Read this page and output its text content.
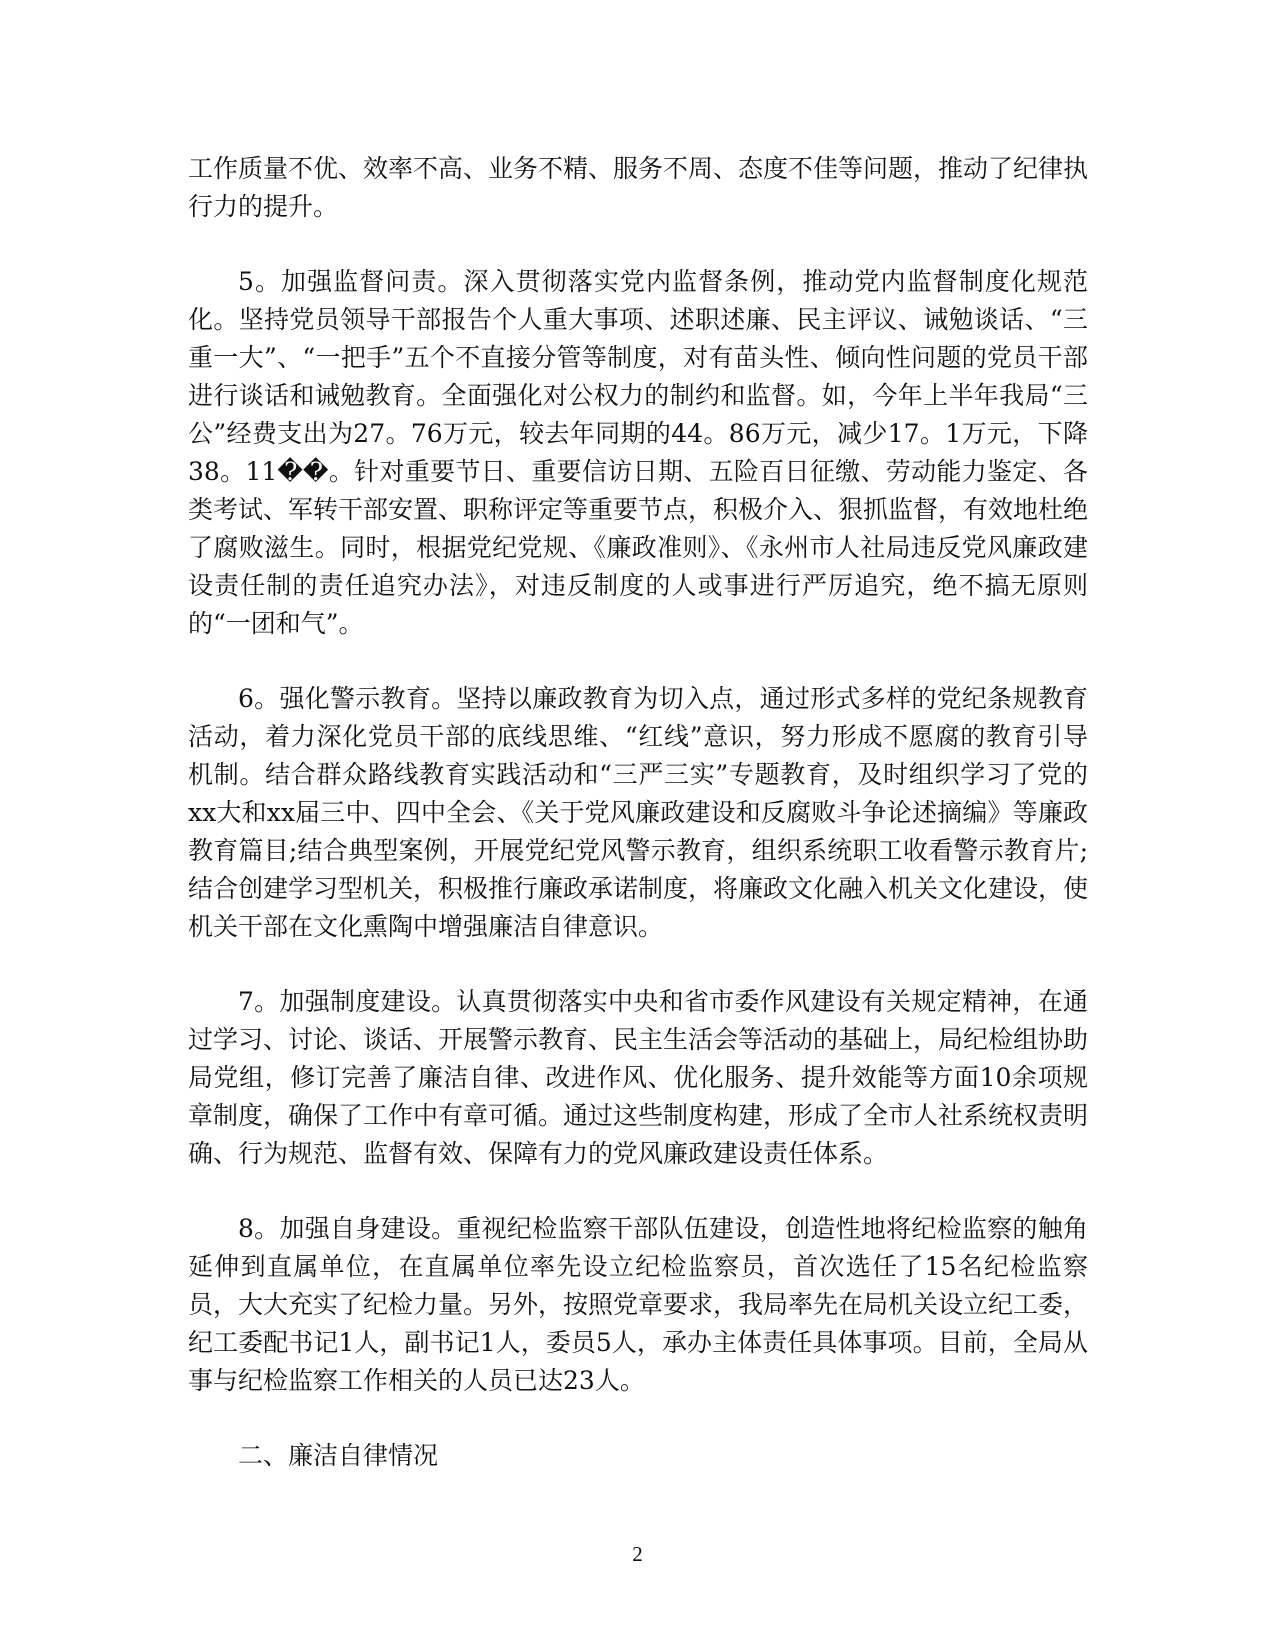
工作质量不优、效率不高、业务不精、服务不周、态度不佳等问题，推动了纪律执行力的提升。

5。加强监督问责。深入贯彻落实党内监督条例，推动党内监督制度化规范化。坚持党员领导干部报告个人重大事项、述职述廉、民主评议、诫勉谈话、“三重一大”、“一把手”五个不直接分管等制度，对有苗头性、倾向性问题的党员干部进行谈话和诫勉教育。全面强化对公权力的制约和监督。如，今年上半年我局“三公”经费支出为27。76万元，较去年同期的44。86万元，减少17。1万元，下降38。11��。针对重要节日、重要信访日期、五险百日征缴、劳动能力鉴定、各类考试、军转干部安置、职称评定等重要节点，积极介入、狠抓监督，有效地杜绝了腐败滋生。同时，根据党纪党规、《廉政准则》、《永州市人社局违反党风廉政建设责任制的责任追究办法》，对违反制度的人或事进行严厉追究，绝不搞无原则的“一团和气”。

6。强化警示教育。坚持以廉政教育为切入点，通过形式多样的党纪条规教育活动，着力深化党员干部的底线思维、“红线”意识，努力形成不愿腐的教育引导机制。结合群众路线教育实践活动和“三严三实”专题教育，及时组织学习了党的xx大和xx届三中、四中全会、《关于党风廉政建设和反腐败斗争论述摘编》等廉政教育篇目;结合典型案例，开展党纪党风警示教育，组织系统职工收看警示教育片;结合创建学习型机关，积极推行廉政承诺制度，将廉政文化融入机关文化建设，使机关干部在文化熏陶中增强廉洁自律意识。

7。加强制度建设。认真贯彻落实中央和省市委作风建设有关规定精神，在通过学习、讨论、谈话、开展警示教育、民主生活会等活动的基础上，局纪检组协助局党组，修订完善了廉洁自律、改进作风、优化服务、提升效能等方面10余项规章制度，确保了工作中有章可循。通过这些制度构建，形成了全市人社系统权责明确、行为规范、监督有效、保障有力的党风廉政建设责任体系。

8。加强自身建设。重视纪检监察干部队伍建设，创造性地将纪检监察的触角延伸到直属单位，在直属单位率先设立纪检监察员，首次选任了15名纪检监察员，大大充实了纪检力量。另外，按照党章要求，我局率先在局机关设立纪工委，纪工委配书记1人，副书记1人，委员5人，承办主体责任具体事项。目前，全局从事与纪检监察工作相关的人员已达23人。

二、廉洁自律情况

2
